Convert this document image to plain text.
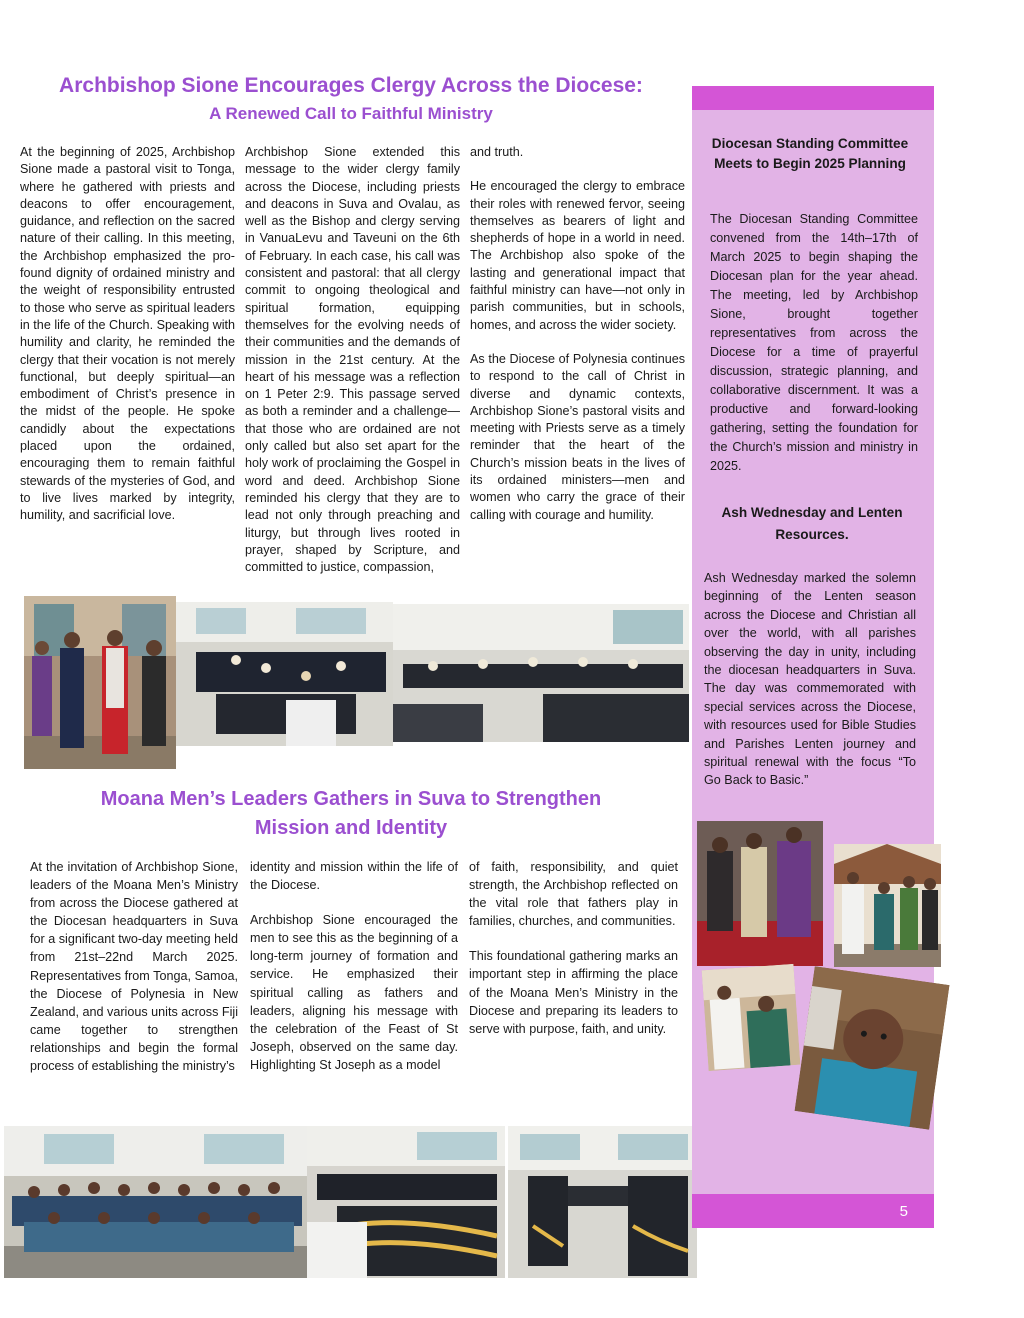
Archbishop Sione Encourages Clergy Across the Diocese:
A Renewed Call to Faithful Ministry

At the beginning of 2025, Archbishop Sione made a pastoral visit to Tonga, where he gathered with priests and deacons to offer encouragement, guidance, and reflection on the sacred nature of their calling. In this meeting, the Archbishop emphasized the pro-found dignity of ordained ministry and the weight of responsibility entrusted to those who serve as spiritual leaders in the life of the Church. Speaking with humility and clarity, he reminded the clergy that their vocation is not merely functional, but deeply spiritual—an embodiment of Christ’s presence in the midst of the people. He spoke candidly about the expectations placed upon the ordained, encouraging them to remain faithful stewards of the mysteries of God, and to live lives marked by integrity, humility, and sacrificial love.

Archbishop Sione extended this message to the wider clergy family across the Diocese, including priests and deacons in Suva and Ovalau, as well as the Bishop and clergy serving in VanuaLevu and Taveuni on the 6th of February. In each case, his call was consistent and pastoral: that all clergy commit to ongoing theological and spiritual formation, equipping themselves for the evolving needs of their communities and the demands of mission in the 21st century. At the heart of his message was a reflection on 1 Peter 2:9. This passage served as both a reminder and a challenge—that those who are ordained are not only called but also set apart for the holy work of proclaiming the Gospel in word and deed. Archbishop Sione reminded his clergy that they are to lead not only through preaching and liturgy, but through lives rooted in prayer, shaped by Scripture, and committed to justice, compassion,

and truth.

He encouraged the clergy to embrace their roles with renewed fervor, seeing themselves as bearers of light and shepherds of hope in a world in need. The Archbishop also spoke of the lasting and generational impact that faithful ministry can have—not only in parish communities, but in schools, homes, and across the wider society.

As the Diocese of Polynesia continues to respond to the call of Christ in diverse and dynamic contexts, Archbishop Sione’s pastoral visits and meeting with Priests serve as a timely reminder that the heart of the Church’s mission beats in the lives of its ordained ministers—men and women who carry the grace of their calling with courage and humility.

Moana Men’s Leaders Gathers in Suva to Strengthen
Mission and Identity

At the invitation of Archbishop Sione, leaders of the Moana Men’s Ministry from across the Diocese gathered at the Diocesan headquarters in Suva for a significant two-day meeting held from 21st–22nd March 2025. Representatives from Tonga, Samoa, the Diocese of Polynesia in New Zealand, and various units across Fiji came together to strengthen relationships and begin the formal process of establishing the ministry’s

identity and mission within the life of the Diocese.

Archbishop Sione encouraged the men to see this as the beginning of a long-term journey of formation and service. He emphasized their spiritual calling as fathers and leaders, aligning his message with the celebration of the Feast of St Joseph, observed on the same day. Highlighting St Joseph as a model

of faith, responsibility, and quiet strength, the Archbishop reflected on the vital role that fathers play in families, churches, and communities.

This foundational gathering marks an important step in affirming the place of the Moana Men’s Ministry in the Diocese and preparing its leaders to serve with purpose, faith, and unity.

5
Diocesan Standing Committee Meets to Begin 2025 Planning
The Diocesan Standing Committee convened from the 14th–17th of March 2025 to begin shaping the Diocesan plan for the year ahead. The meeting, led by Archbishop Sione, brought together representatives from across the Diocese for a time of prayerful discussion, strategic planning, and collaborative discernment. It was a productive and forward-looking gathering, setting the foundation for the Church’s mission and ministry in 2025.
Ash Wednesday and Lenten Resources.
Ash Wednesday marked the solemn beginning of the Lenten season across the Diocese and Christian all over the world, with all parishes observing the day in unity, including the diocesan headquarters in Suva. The day was commemorated with special services across the Diocese, with resources used for Bible Studies and Parishes Lenten journey and spiritual renewal with the focus “To Go Back to Basic.”
